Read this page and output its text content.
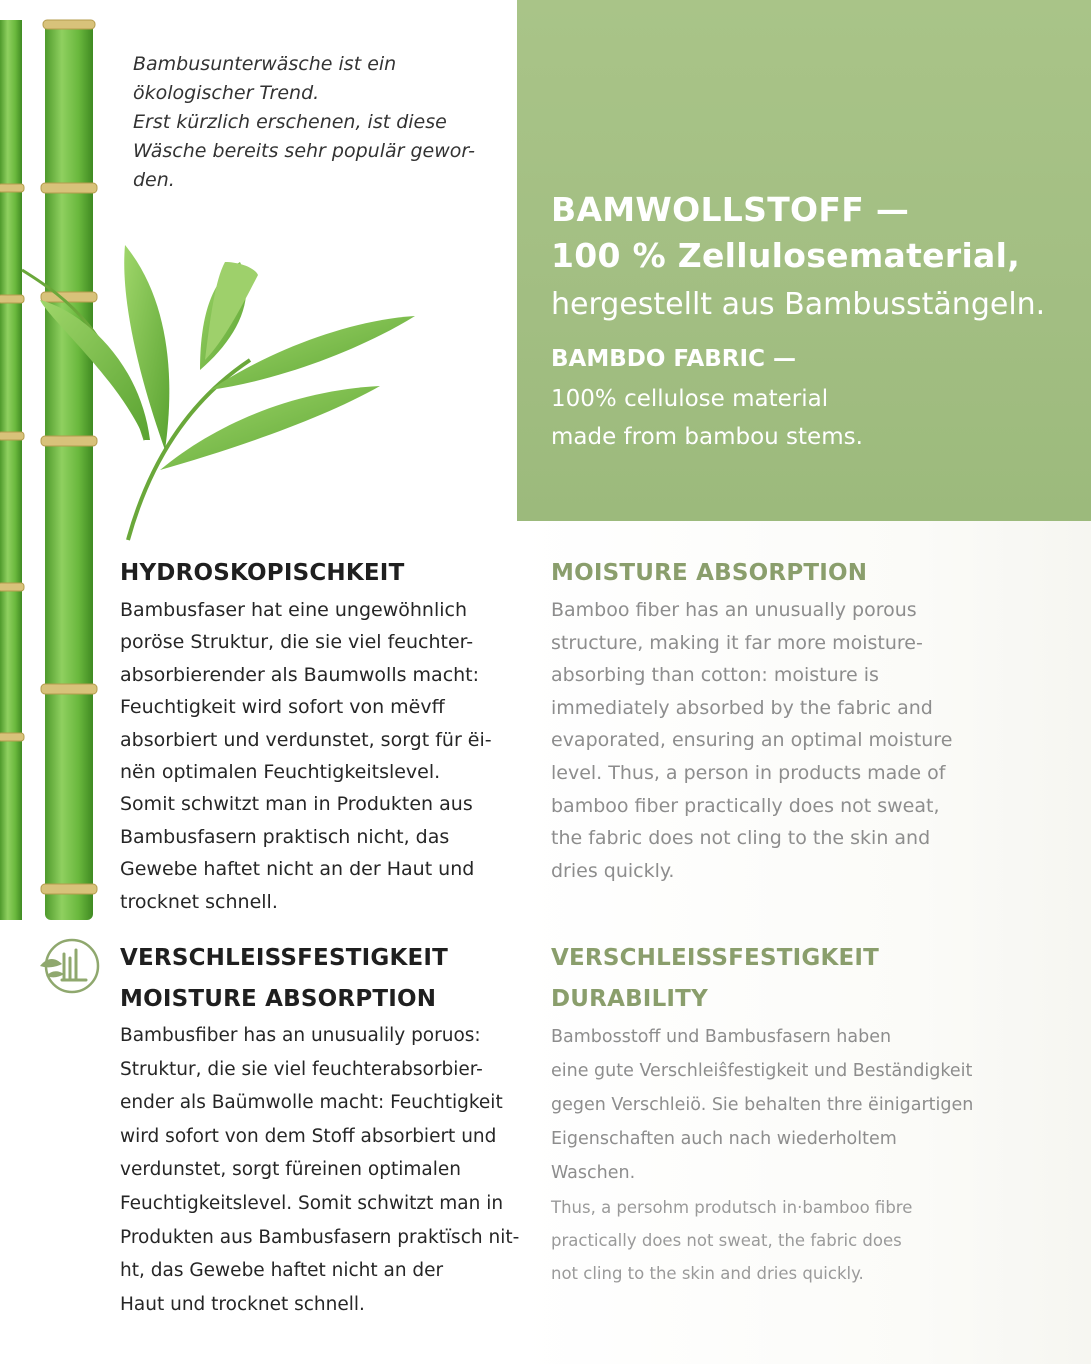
Bambusunterwäsche ist ein
ökologischer Trend.
Erst kürzlich erschenen, ist diese
Wäsche bereits sehr populär gewor-
den.

BAMWOLLSTOFF —
100 % Zellulosematerial,

hergestellt aus Bambusstängeln.

BAMBDO FABRIC —

100% cellulose material
made from bambou stems.

HYDROSKOPISCHKEIT

Bambusfaser hat eine ungewöhnlich
poröse Struktur, die sie viel feuchter-
absorbierender als Baumwolls macht:
Feuchtigkeit wird sofort von mëvff
absorbiert und verdunstet, sorgt für ëi-
nën optimalen Feuchtigkeitslevel.
Somit schwitzt man in Produkten aus
Bambusfasern praktisch nicht, das
Gewebe haftet nicht an der Haut und
trocknet schnell.

MOISTURE ABSORPTION

Bamboo fiber has an unusually porous
structure, making it far more moisture-
absorbing than cotton: moisture is
immediately absorbed by the fabric and
evaporated, ensuring an optimal moisture
level. Thus, a person in products made of
bamboo fiber practically does not sweat,
the fabric does not cling to the skin and
dries quickly.

VERSCHLEISSFESTIGKEIT
MOISTURE ABSORPTION

Bambusfiber has an unusualily poruos:
Struktur, die sie viel feuchterabsorbier-
ender als Baümwolle macht: Feuchtigkeit
wird sofort von dem Stoff absorbiert und
verdunstet, sorgt füreinen optimalen
Feuchtigkeitslevel. Somit schwitzt man in
Produkten aus Bambusfasern praktïsch nit-
ht, das Gewebe haftet nicht an der
Haut und trocknet schnell.

VERSCHLEISSFESTIGKEIT
DURABILITY

Bambosstoff und Bambusfasern haben
eine gute Verschleiŝfestigkeit und Beständigkeit
gegen Verschleiö. Sie behalten thre ëinigartigen
Eigenschaften auch nach wiederholtem
Waschen.

Thus, a persohm produtsch in·bamboo fibre
practically does not sweat, the fabric does
not cling to the skin and dries quickly.
